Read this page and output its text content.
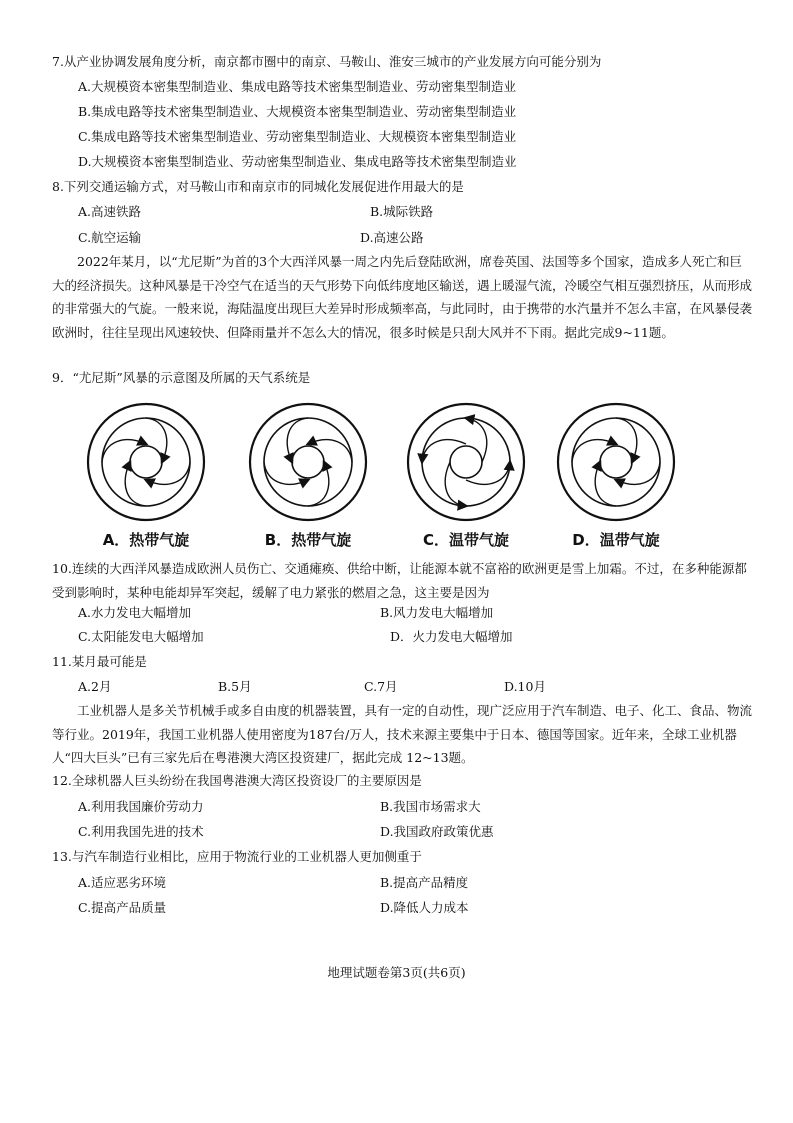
7.从产业协调发展角度分析，南京都市圈中的南京、马鞍山、淮安三城市的产业发展方向可能分别为
A.大规模资本密集型制造业、集成电路等技术密集型制造业、劳动密集型制造业
B.集成电路等技术密集型制造业、大规模资本密集型制造业、劳动密集型制造业
C.集成电路等技术密集型制造业、劳动密集型制造业、大规模资本密集型制造业
D.大规模资本密集型制造业、劳动密集型制造业、集成电路等技术密集型制造业
8.下列交通运输方式，对马鞍山市和南京市的同城化发展促进作用最大的是
A.高速铁路	B.城际铁路
C.航空运输	D.高速公路
2022年某月，以“尤尼斯”为首的3个大西洋风暴一周之内先后登陆欧洲，席卷英国、法国等多个国家，造成多人死亡和巨大的经济损失。这种风暴是干冷空气在适当的天气形势下向低纬度地区输送，遇上暖湿气流，冷暖空气相互强烈挤压，从而形成的非常强大的气旋。一般来说，海陆温度出现巨大差异时形成频率高，与此同时，由于携带的水汽量并不怎么丰富，在风暴侵袭欧洲时，往往呈现出风速较快、但降雨量并不怎么大的情况，很多时候是只刮大风并不下雨。据此完成9~11题。
9．“尤尼斯”风暴的示意图及所属的天气系统是
A．热带气旋	B．热带气旋	C．温带气旋	D．温带气旋
10.连续的大西洋风暴造成欧洲人员伤亡、交通瘫痪、供给中断，让能源本就不富裕的欧洲更是雪上加霜。不过，在多种能源都受到影响时，某种电能却异军突起，缓解了电力紧张的燃眉之急，这主要是因为
A.水力发电大幅增加	B.风力发电大幅增加
C.太阳能发电大幅增加	D．火力发电大幅增加
11.某月最可能是
A.2月	B.5月	C.7月	D.10月
工业机器人是多关节机械手或多自由度的机器装置，具有一定的自动性，现广泛应用于汽车制造、电子、化工、食品、物流等行业。2019年，我国工业机器人使用密度为187台/万人，技术来源主要集中于日本、德国等国家。近年来，全球工业机器人“四大巨头”已有三家先后在粤港澳大湾区投资建厂，据此完成 12~13题。
12.全球机器人巨头纷纷在我国粤港澳大湾区投资设厂的主要原因是
A.利用我国廉价劳动力	B.我国市场需求大
C.利用我国先进的技术	D.我国政府政策优惠
13.与汽车制造行业相比，应用于物流行业的工业机器人更加侧重于
A.适应恶劣环境	B.提高产品精度
C.提高产品质量	D.降低人力成本
地理试题卷第3页(共6页)
